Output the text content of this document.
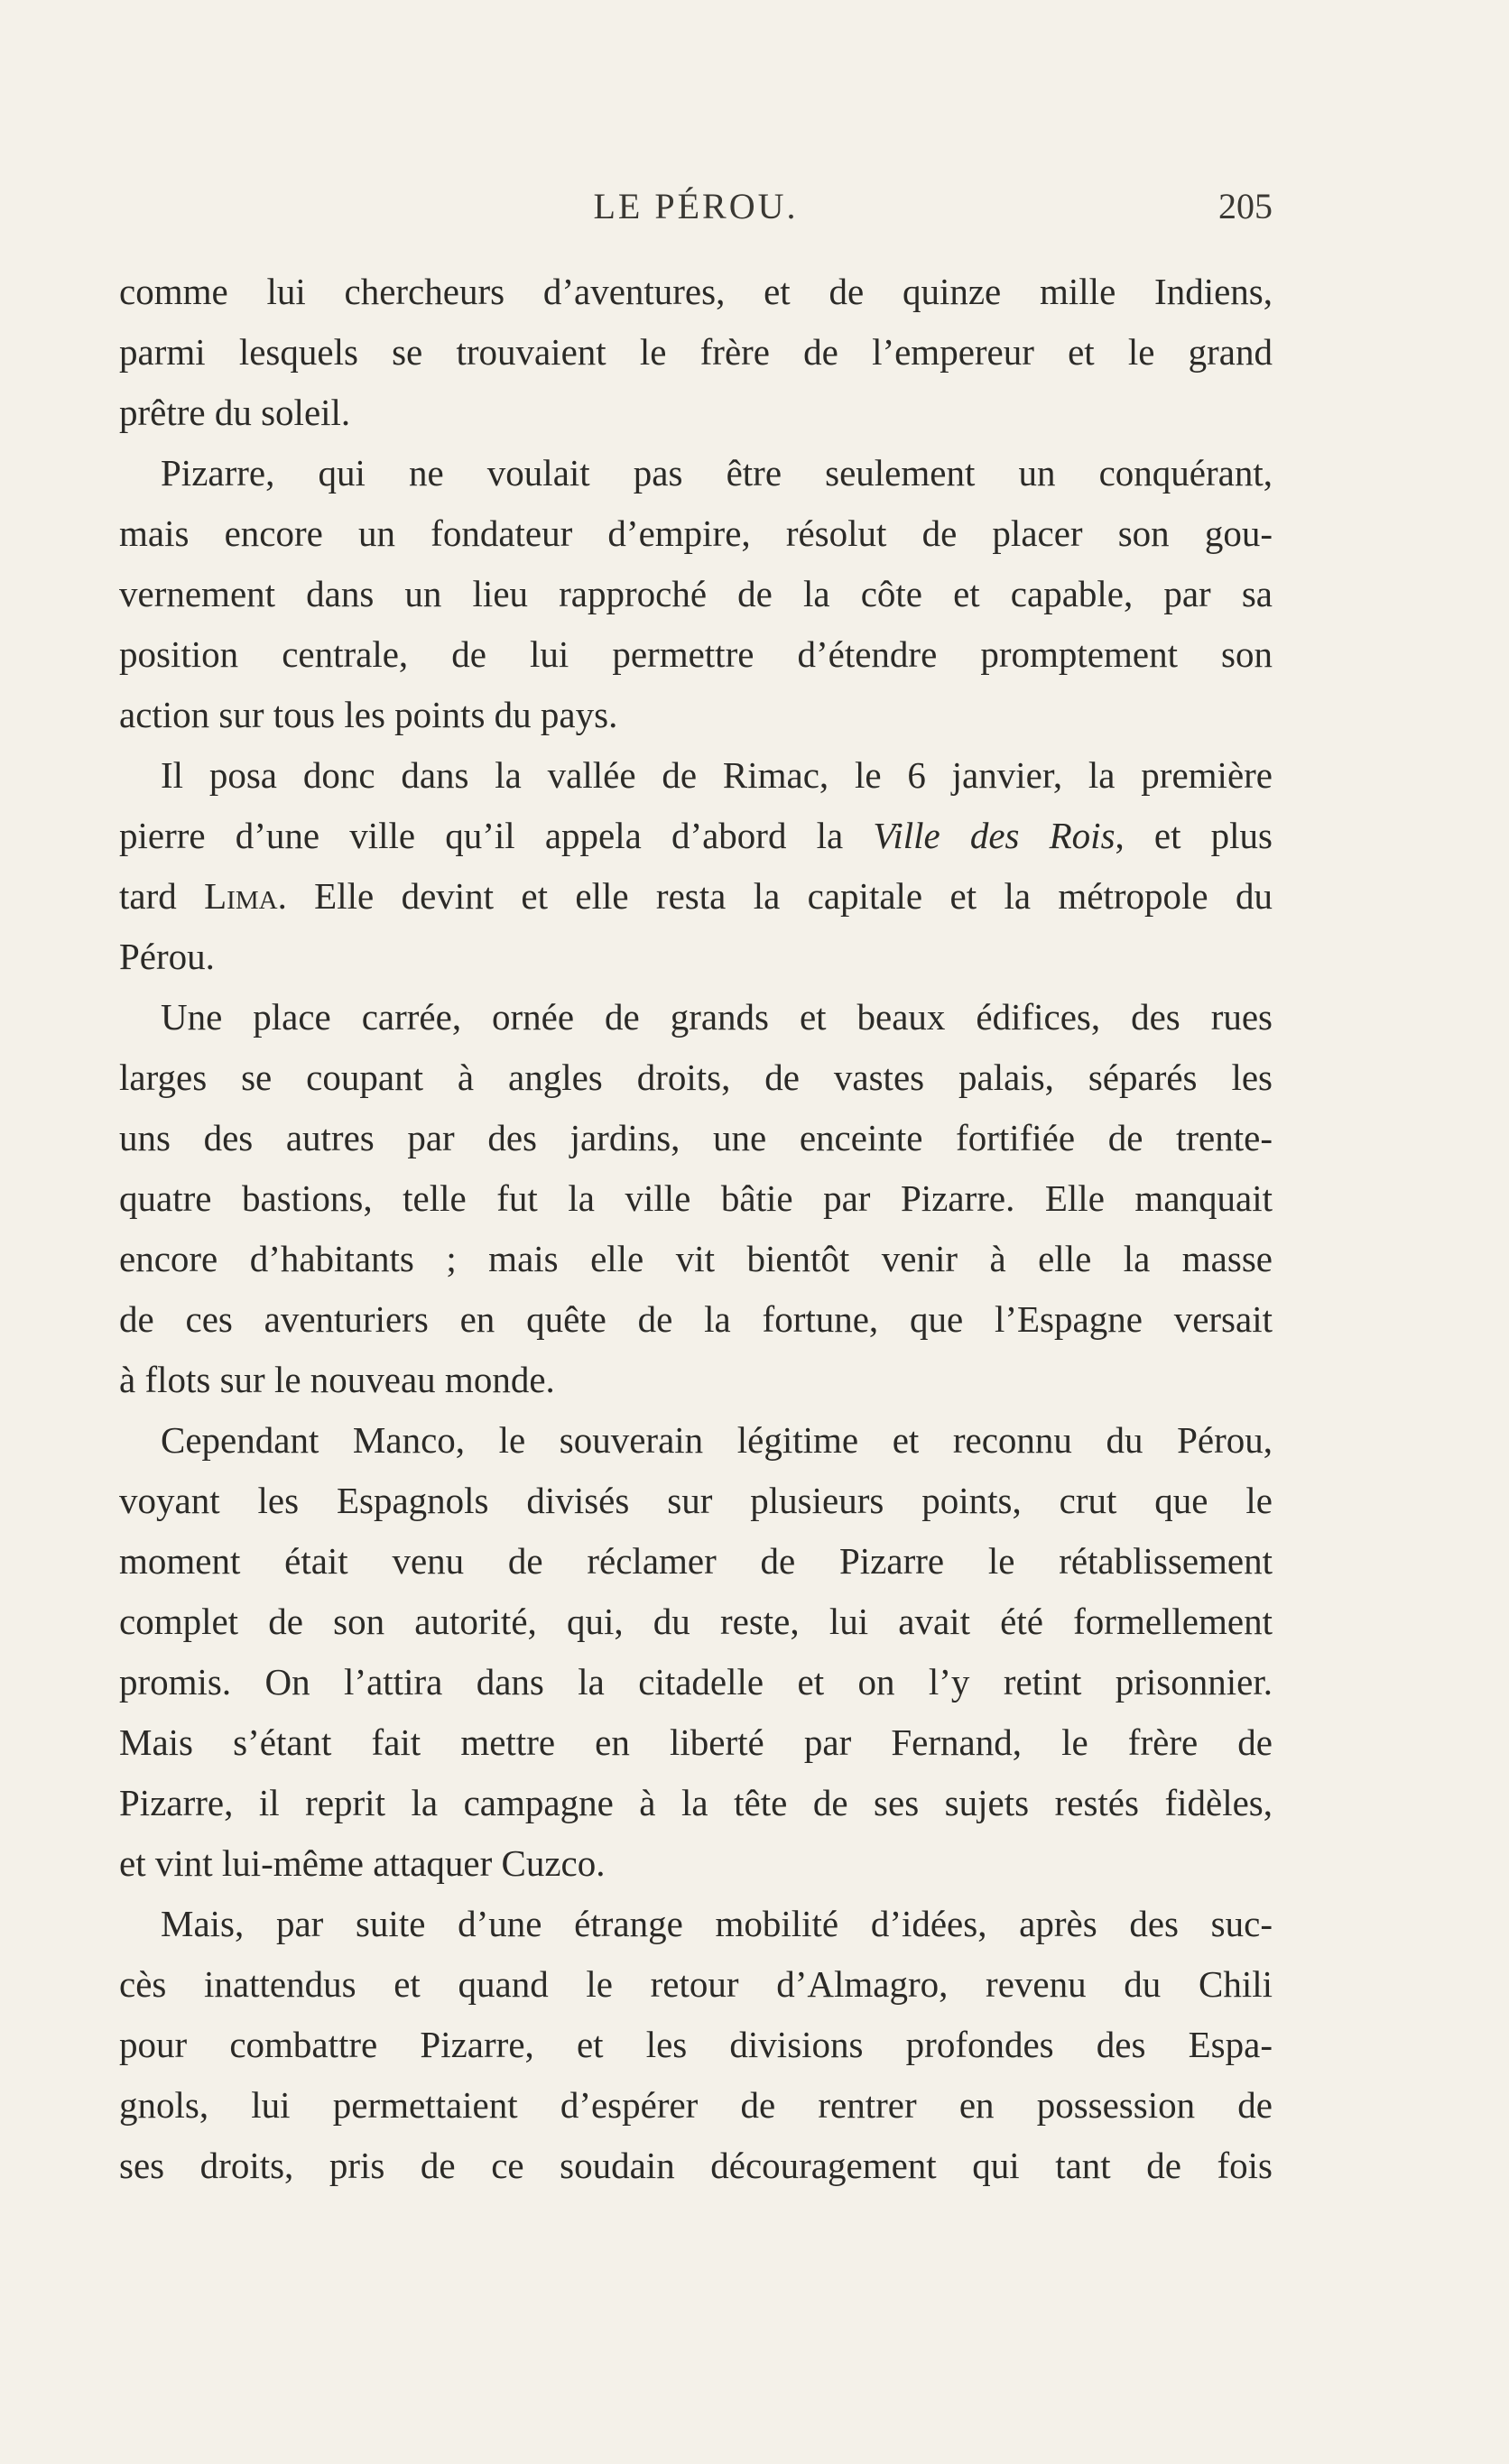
LE PÉROU.	205
comme lui chercheurs d’aventures, et de quinze mille Indiens,
parmi lesquels se trouvaient le frère de l’empereur et le grand
prêtre du soleil.
Pizarre, qui ne voulait pas être seulement un conquérant,
mais encore un fondateur d’empire, résolut de placer son gou-
vernement dans un lieu rapproché de la côte et capable, par sa
position centrale, de lui permettre d’étendre promptement son
action sur tous les points du pays.
Il posa donc dans la vallée de Rimac, le 6 janvier, la première
pierre d’une ville qu’il appela d’abord la Ville des Rois, et plus
tard Lima. Elle devint et elle resta la capitale et la métropole du
Pérou.
Une place carrée, ornée de grands et beaux édifices, des rues
larges se coupant à angles droits, de vastes palais, séparés les
uns des autres par des jardins, une enceinte fortifiée de trente-
quatre bastions, telle fut la ville bâtie par Pizarre. Elle manquait
encore d’habitants ; mais elle vit bientôt venir à elle la masse
de ces aventuriers en quête de la fortune, que l’Espagne versait
à flots sur le nouveau monde.
Cependant Manco, le souverain légitime et reconnu du Pérou,
voyant les Espagnols divisés sur plusieurs points, crut que le
moment était venu de réclamer de Pizarre le rétablissement
complet de son autorité, qui, du reste, lui avait été formellement
promis. On l’attira dans la citadelle et on l’y retint prisonnier.
Mais s’étant fait mettre en liberté par Fernand, le frère de
Pizarre, il reprit la campagne à la tête de ses sujets restés fidèles,
et vint lui-même attaquer Cuzco.
Mais, par suite d’une étrange mobilité d’idées, après des suc-
cès inattendus et quand le retour d’Almagro, revenu du Chili
pour combattre Pizarre, et les divisions profondes des Espa-
gnols, lui permettaient d’espérer de rentrer en possession de
ses droits, pris de ce soudain découragement qui tant de fois
